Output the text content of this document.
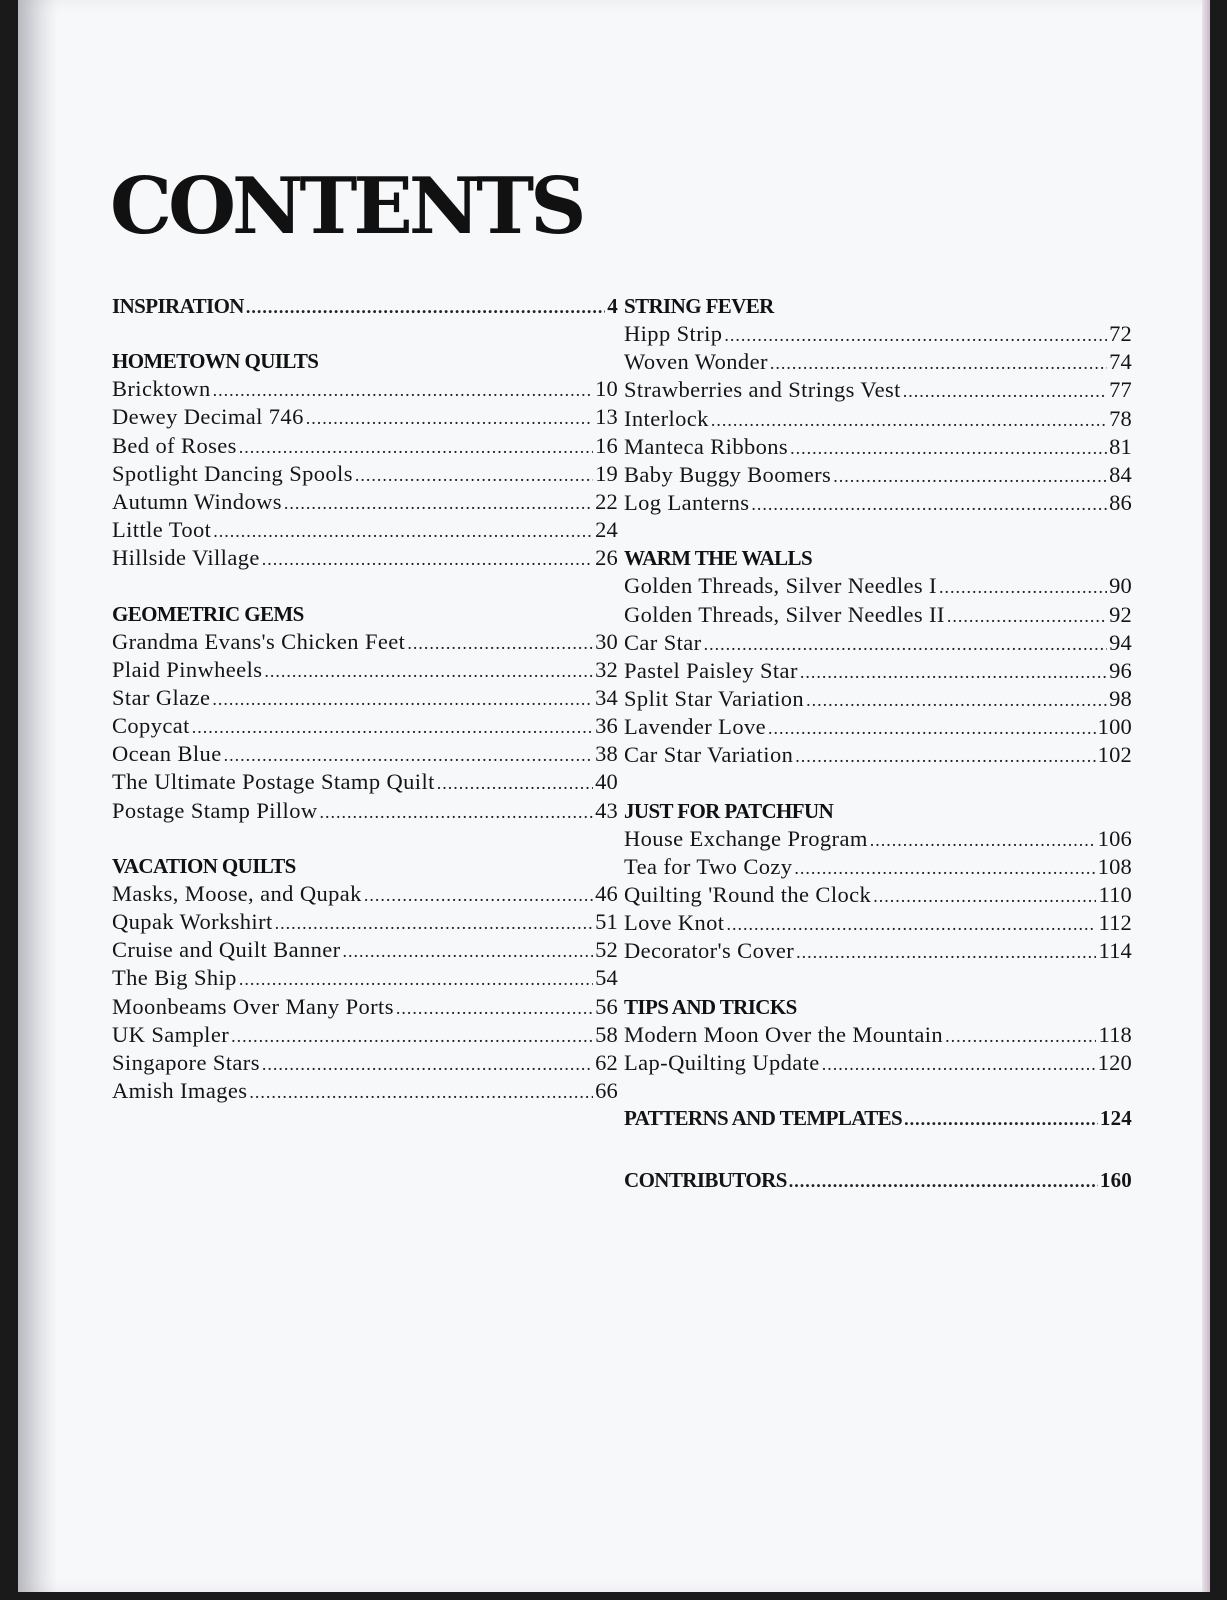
CONTENTS
INSPIRATION .....	4
HOMETOWN QUILTS
Bricktown .....	10
Dewey Decimal 746 .....	13
Bed of Roses .....	16
Spotlight Dancing Spools .....	19
Autumn Windows .....	22
Little Toot .....	24
Hillside Village .....	26
GEOMETRIC GEMS
Grandma Evans's Chicken Feet .....	30
Plaid Pinwheels .....	32
Star Glaze .....	34
Copycat .....	36
Ocean Blue .....	38
The Ultimate Postage Stamp Quilt .....	40
Postage Stamp Pillow .....	43
VACATION QUILTS
Masks, Moose, and Qupak .....	46
Qupak Workshirt .....	51
Cruise and Quilt Banner .....	52
The Big Ship .....	54
Moonbeams Over Many Ports .....	56
UK Sampler .....	58
Singapore Stars .....	62
Amish Images .....	66
STRING FEVER
Hipp Strip .....	72
Woven Wonder .....	74
Strawberries and Strings Vest .....	77
Interlock .....	78
Manteca Ribbons .....	81
Baby Buggy Boomers .....	84
Log Lanterns .....	86
WARM THE WALLS
Golden Threads, Silver Needles I .....	90
Golden Threads, Silver Needles II .....	92
Car Star .....	94
Pastel Paisley Star .....	96
Split Star Variation .....	98
Lavender Love .....	100
Car Star Variation .....	102
JUST FOR PATCHFUN
House Exchange Program .....	106
Tea for Two Cozy .....	108
Quilting 'Round the Clock .....	110
Love Knot .....	112
Decorator's Cover .....	114
TIPS AND TRICKS
Modern Moon Over the Mountain .....	118
Lap-Quilting Update .....	120
PATTERNS AND TEMPLATES .....	124
CONTRIBUTORS .....	160
